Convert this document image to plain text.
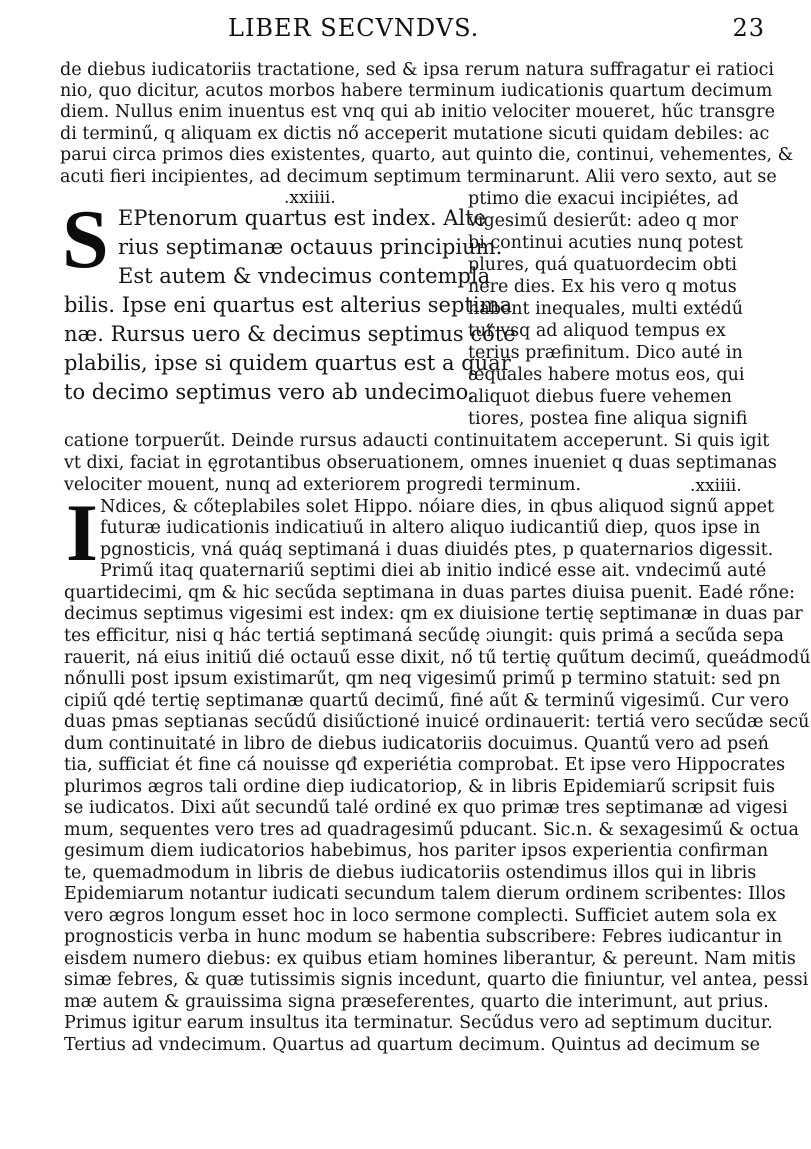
LIBER SECVNDVS.	23
de diebus iudicatoriis tractatione, sed & ipsa rerum natura suffragatur ei ratioci
nio, quo dicitur, acutos morbos habere terminum iudicationis quartum decimum
diem. Nullus enim inuentus est vnq qui ab initio velociter moueret, hűc transgre
di terminű, q aliquam ex dictis nő acceperit mutatione sicuti quidam debiles: ac
parui circa primos dies existentes, quarto, aut quinto die, continui, vehementes, &
acuti fieri incipientes, ad decimum septimum terminarunt. Alii vero sexto, aut se
.xxiiii.
S EPtenorum quartus est index. Alte
rius septimanæ octauus principium.
Est autem & vndecimus contempla
bilis. Ipse eni quartus est alterius septima
næ. Rursus uero & decimus septimus cőte
plabilis, ipse si quidem quartus est a quar
to decimo septimus vero ab undecimo.
ptimo die exacui incipiétes, ad
vigesimű desierűt: adeo q mor
bi continui acuties nunq potest
plures, quá quatuordecim obti
nere dies. Ex his vero q motus
habent inequales, multi extédű
tur vsq ad aliquod tempus ex
terius præfinitum. Dico auté in
æquales habere motus eos, qui
aliquot diebus fuere vehemen
tiores, postea fine aliqua signifi
catione torpuerűt. Deinde rursus adaucti continuitatem acceperunt. Si quis igit
vt dixi, faciat in ęgrotantibus obseruationem, omnes inueniet q duas septimanas
velociter mouent, nunq ad exteriorem progredi terminum.	.xxiiii.
I Ndices, & cőteplabiles solet Hippo. nóiare dies, in qbus aliquod signű appet
futuræ iudicationis indicatiuű in altero aliquo iudicantiű dieр, quos ipse in
pgnosticis, vná quáq septimaná i duas diuidés ptes, p quaternarios digessit.
Primű itaq quaternariű septimi diei ab initio indicé esse ait. vndecimű auté
quartidecimi, qm & hic secűda septimana in duas partes diuisa puenit. Eadé rőne:
decimus septimus vigesimi est index: qm ex diuisione tertię septimanæ in duas par
tes efficitur, nisi q hác tertiá septimaná secűdę ɔiungit: quis primá a secűda sepa
rauerit, ná eius initiű dié octauű esse dixit, nő tű tertię quűtum decimű, queádmodű
nőnulli post ipsum existimarűt, qm neq vigesimű primű p termino statuit: sed pn
cipiű qdé tertię septimanæ quartű decimű, finé aűt & terminű vigesimű. Cur vero
duas pmas septianas secűdű disiűctioné inuicé ordinauerit: tertiá vero secűdæ secű
dum continuitaté in libro de diebus iudicatoriis docuimus. Quantű vero ad pseń
tia, sufficiat ét fine cá nouisse qđ experiétia comprobat. Et ipse vero Hippocrates
plurimos ægros tali ordine dieр iudicatorioр, & in libris Epidemiarű scripsit fuis
se iudicatos. Dixi aűt secundű talé ordiné ex quo primæ tres septimanæ ad vigesi
mum, sequentes vero tres ad quadragesimű pducant. Sic.n. & sexagesimű & octua
gesimum diem iudicatorios habebimus, hos pariter ipsos experientia confirman
te, quemadmodum in libris de diebus iudicatoriis ostendimus illos qui in libris
Epidemiarum notantur iudicati secundum talem dierum ordinem scribentes: Illos
vero ægros longum esset hoc in loco sermone complecti. Sufficiet autem sola ex
prognosticis verba in hunc modum se habentia subscribere: Febres iudicantur in
eisdem numero diebus: ex quibus etiam homines liberantur, & pereunt. Nam mitis
simæ febres, & quæ tutissimis signis incedunt, quarto die finiuntur, vel antea, pessi
mæ autem & grauissima signa præseferentes, quarto die interimunt, aut prius.
Primus igitur earum insultus ita terminatur. Secűdus vero ad septimum ducitur.
Tertius ad vndecimum. Quartus ad quartum decimum. Quintus ad decimum se
